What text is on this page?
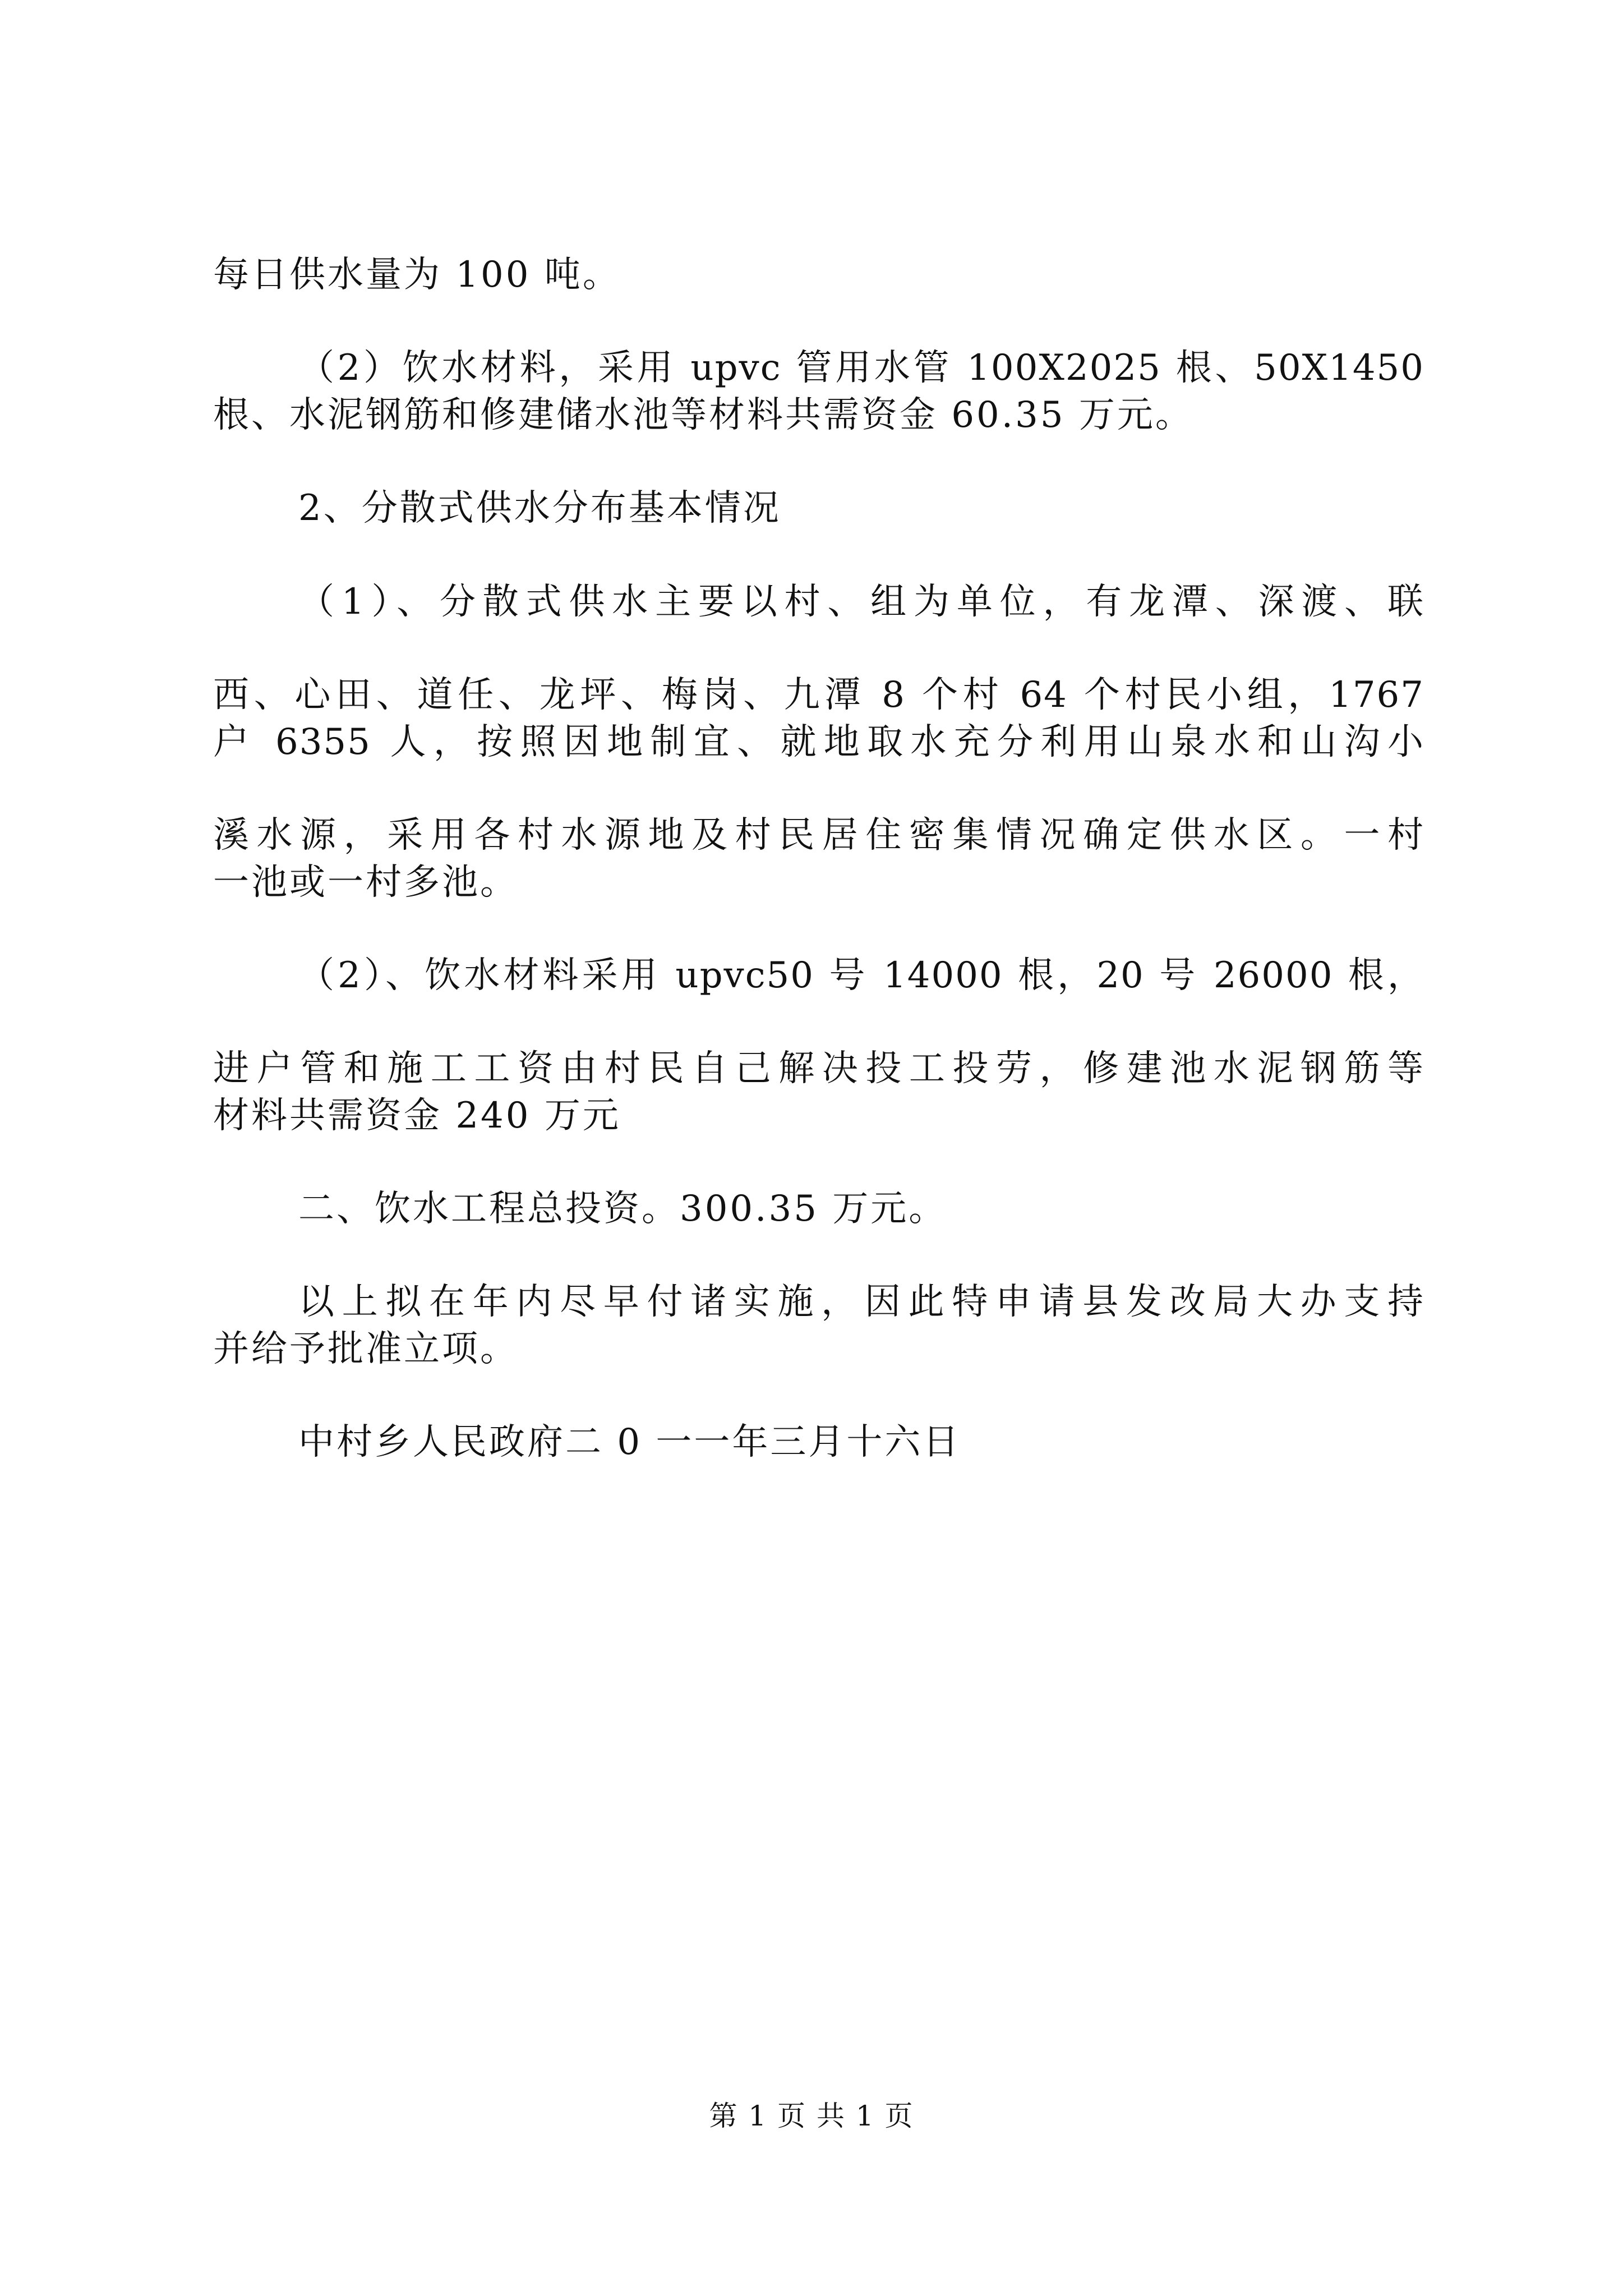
每日供水量为 100 吨。
（2）饮水材料，采用 upvc 管用水管 100X2025 根、50X1450
根、水泥钢筋和修建储水池等材料共需资金 60.35 万元。
2、分散式供水分布基本情况
（1）、分散式供水主要以村、组为单位，有龙潭、深渡、联
西、心田、道任、龙坪、梅岗、九潭 8 个村 64 个村民小组，1767
户 6355 人，按照因地制宜、就地取水充分利用山泉水和山沟小
溪水源，采用各村水源地及村民居住密集情况确定供水区。一村
一池或一村多池。
（2）、饮水材料采用 upvc50 号 14000 根，20 号 26000 根，
进户管和施工工资由村民自己解决投工投劳，修建池水泥钢筋等
材料共需资金 240 万元
二、饮水工程总投资。300.35 万元。
以上拟在年内尽早付诸实施，因此特申请县发改局大办支持
并给予批准立项。
中村乡人民政府二 0 一一年三月十六日
第 1 页 共 1 页
